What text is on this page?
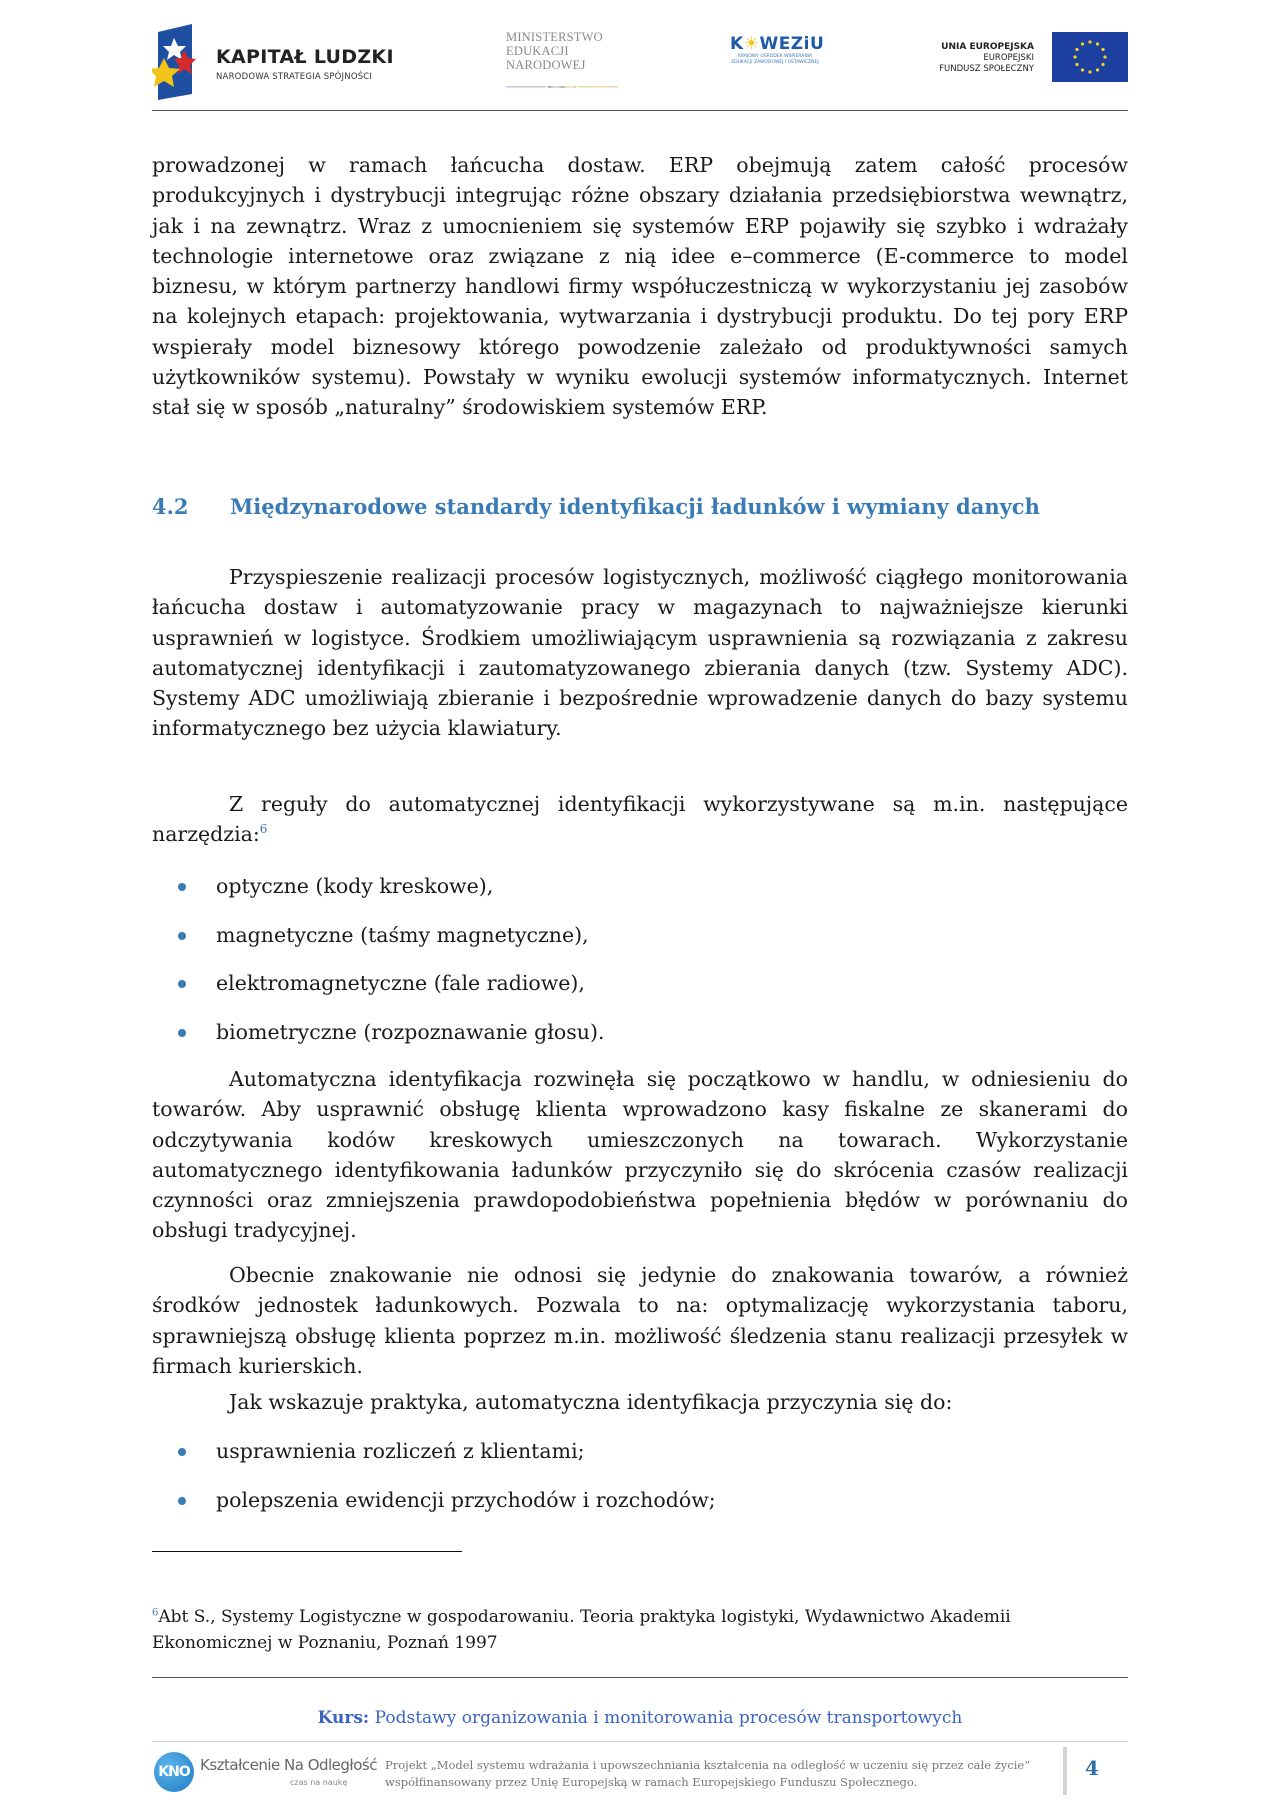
KAPITAŁ LUDZKI
NARODOWA STRATEGIA SPÓJNOŚCI
MINISTERSTWO
EDUKACJI
NARODOWEJ
K☀WEZiU
KRAJOWY OŚRODEK WSPIERANIA
EDUKACJI ZAWODOWEJ I USTAWICZNEJ
UNIA EUROPEJSKA
EUROPEJSKI
FUNDUSZ SPOŁECZNY

prowadzonej w ramach łańcucha dostaw. ERP obejmują zatem całość procesów produkcyjnych i dystrybucji integrując różne obszary działania przedsiębiorstwa wewnątrz, jak i na zewnątrz. Wraz z umocnieniem się systemów ERP pojawiły się szybko i wdrażały technologie internetowe oraz związane z nią idee e–commerce (E-commerce to model biznesu, w którym partnerzy handlowi firmy współuczestniczą w wykorzystaniu jej zasobów na kolejnych etapach: projektowania, wytwarzania i dystrybucji produktu. Do tej pory ERP wspierały model biznesowy którego powodzenie zależało od produktywności samych użytkowników systemu). Powstały w wyniku ewolucji systemów informatycznych. Internet stał się w sposób „naturalny” środowiskiem systemów ERP.

4.2 Międzynarodowe standardy identyfikacji ładunków i wymiany danych

Przyspieszenie realizacji procesów logistycznych, możliwość ciągłego monitorowania łańcucha dostaw i automatyzowanie pracy w magazynach to najważniejsze kierunki usprawnień w logistyce. Środkiem umożliwiającym usprawnienia są rozwiązania z zakresu automatycznej identyfikacji i zautomatyzowanego zbierania danych (tzw. Systemy ADC). Systemy ADC umożliwiają zbieranie i bezpośrednie wprowadzenie danych do bazy systemu informatycznego bez użycia klawiatury.

Z reguły do automatycznej identyfikacji wykorzystywane są m.in. następujące narzędzia:$^6$

optyczne (kody kreskowe),
magnetyczne (taśmy magnetyczne),
elektromagnetyczne (fale radiowe),
biometryczne (rozpoznawanie głosu).

Automatyczna identyfikacja rozwinęła się początkowo w handlu, w odniesieniu do towarów. Aby usprawnić obsługę klienta wprowadzono kasy fiskalne ze skanerami do odczytywania kodów kreskowych umieszczonych na towarach. Wykorzystanie automatycznego identyfikowania ładunków przyczyniło się do skrócenia czasów realizacji czynności oraz zmniejszenia prawdopodobieństwa popełnienia błędów w porównaniu do obsługi tradycyjnej.

Obecnie znakowanie nie odnosi się jedynie do znakowania towarów, a również środków jednostek ładunkowych. Pozwala to na: optymalizację wykorzystania taboru, sprawniejszą obsługę klienta poprzez m.in. możliwość śledzenia stanu realizacji przesyłek w firmach kurierskich.

Jak wskazuje praktyka, automatyczna identyfikacja przyczynia się do:

usprawnienia rozliczeń z klientami;
polepszenia ewidencji przychodów i rozchodów;
$^6$Abt S., Systemy Logistyczne w gospodarowaniu. Teoria praktyka logistyki, Wydawnictwo Akademii Ekonomicznej w Poznaniu, Poznań 1997
Kurs: Podstawy organizowania i monitorowania procesów transportowych
KNO Kształcenie Na Odległość
czas na naukę
Projekt „Model systemu wdrażania i upowszechniania kształcenia na odległość w uczeniu się przez całe życie”
współfinansowany przez Unię Europejską w ramach Europejskiego Funduszu Społecznego.
4
